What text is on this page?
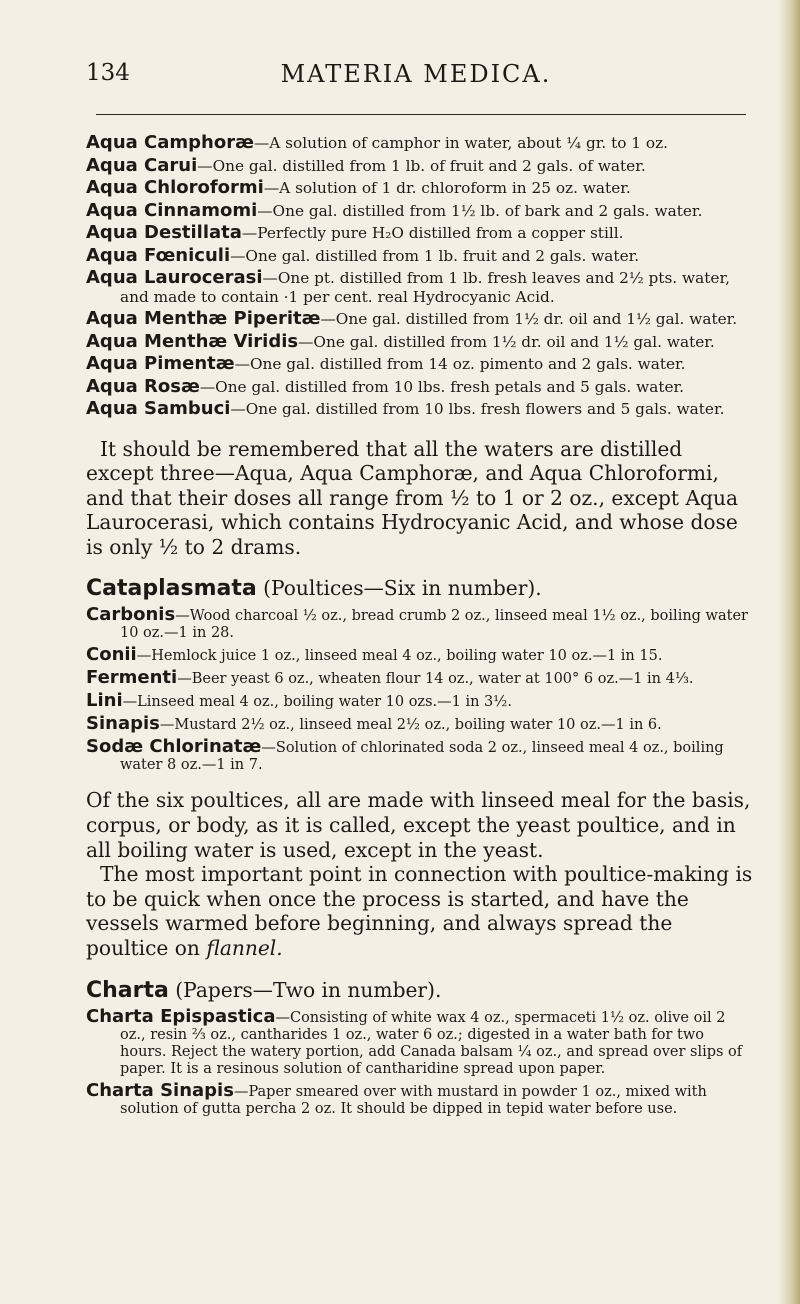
134	MATERIA MEDICA.

Aqua Camphoræ—A solution of camphor in water, about ¼ gr. to 1 oz.

Aqua Carui—One gal. distilled from 1 lb. of fruit and 2 gals. of water.

Aqua Chloroformi—A solution of 1 dr. chloroform in 25 oz. water.

Aqua Cinnamomi—One gal. distilled from 1½ lb. of bark and 2 gals. water.

Aqua Destillata—Perfectly pure H₂O distilled from a copper still.

Aqua Fœniculi—One gal. distilled from 1 lb. fruit and 2 gals. water.

Aqua Laurocerasi—One pt. distilled from 1 lb. fresh leaves and 2½ pts. water, and made to contain ·1 per cent. real Hydrocyanic Acid.

Aqua Menthæ Piperitæ—One gal. distilled from 1½ dr. oil and 1½ gal. water.

Aqua Menthæ Viridis—One gal. distilled from 1½ dr. oil and 1½ gal. water.

Aqua Pimentæ—One gal. distilled from 14 oz. pimento and 2 gals. water.

Aqua Rosæ—One gal. distilled from 10 lbs. fresh petals and 5 gals. water.

Aqua Sambuci—One gal. distilled from 10 lbs. fresh flowers and 5 gals. water.

It should be remembered that all the waters are distilled except three—Aqua, Aqua Camphoræ, and Aqua Chloroformi, and that their doses all range from ½ to 1 or 2 oz., except Aqua Laurocerasi, which contains Hydrocyanic Acid, and whose dose is only ½ to 2 drams.

Cataplasmata (Poultices—Six in number).

Carbonis—Wood charcoal ½ oz., bread crumb 2 oz., linseed meal 1½ oz., boiling water 10 oz.—1 in 28.

Conii—Hemlock juice 1 oz., linseed meal 4 oz., boiling water 10 oz.—1 in 15.

Fermenti—Beer yeast 6 oz., wheaten flour 14 oz., water at 100° 6 oz.—1 in 4⅓.

Lini—Linseed meal 4 oz., boiling water 10 ozs.—1 in 3½.

Sinapis—Mustard 2½ oz., linseed meal 2½ oz., boiling water 10 oz.—1 in 6.

Sodæ Chlorinatæ—Solution of chlorinated soda 2 oz., linseed meal 4 oz., boiling water 8 oz.—1 in 7.

Of the six poultices, all are made with linseed meal for the basis, corpus, or body, as it is called, except the yeast poultice, and in all boiling water is used, except in the yeast.

The most important point in connection with poultice-making is to be quick when once the process is started, and have the vessels warmed before beginning, and always spread the poultice on flannel.

Charta (Papers—Two in number).

Charta Epispastica—Consisting of white wax 4 oz., spermaceti 1½ oz. olive oil 2 oz., resin ⅔ oz., cantharides 1 oz., water 6 oz.; digested in a water bath for two hours. Reject the watery portion, add Canada balsam ¼ oz., and spread over slips of paper. It is a resinous solution of cantharidine spread upon paper.

Charta Sinapis—Paper smeared over with mustard in powder 1 oz., mixed with solution of gutta percha 2 oz. It should be dipped in tepid water before use.
